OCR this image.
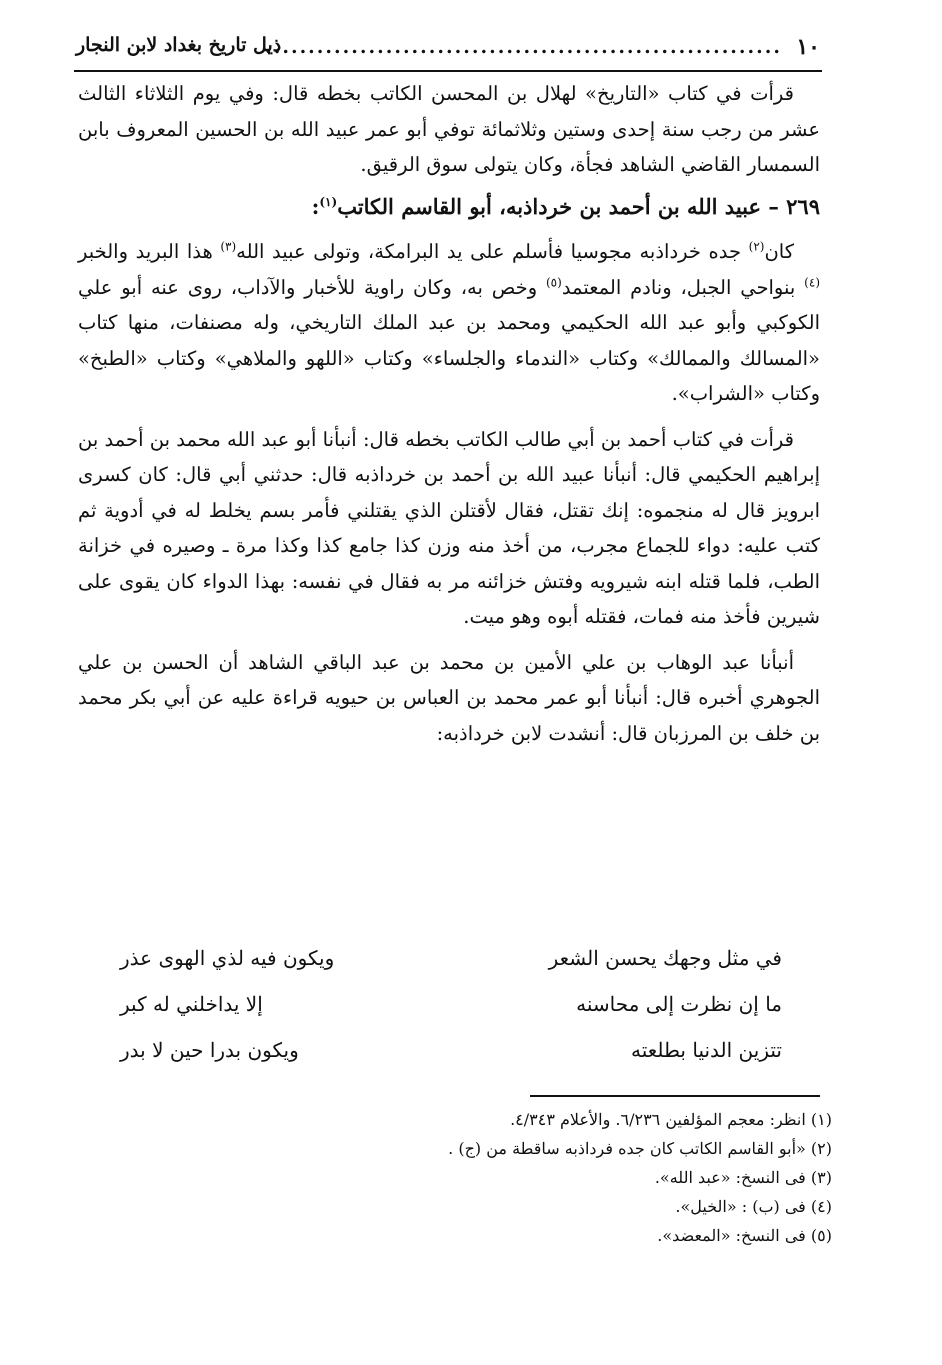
١٠
............................................................
ذيل تاريخ بغداد لابن النجار

قرأت في كتاب «التاريخ» لهلال بن المحسن الكاتب بخطه قال: وفي يوم الثلاثاء الثالث عشر من رجب سنة إحدى وستين وثلاثمائة توفي أبو عمر عبيد الله بن الحسين المعروف بابن السمسار القاضي الشاهد فجأة، وكان يتولى سوق الرقيق.

٢٦٩ – عبيد الله بن أحمد بن خرداذبه، أبو القاسم الكاتب$^{(١)}$:

كان$^{(٢)}$ جده خرداذبه مجوسيا فأسلم على يد البرامكة، وتولى عبيد الله$^{(٣)}$ هذا البريد والخبر $^{(٤)}$ بنواحي الجبل، ونادم المعتمد$^{(٥)}$ وخص به، وكان راوية للأخبار والآداب، روى عنه أبو علي الكوكبي وأبو عبد الله الحكيمي ومحمد بن عبد الملك التاريخي، وله مصنفات، منها كتاب «المسالك والممالك» وكتاب «الندماء والجلساء» وكتاب «اللهو والملاهي» وكتاب «الطبخ» وكتاب «الشراب».

قرأت في كتاب أحمد بن أبي طالب الكاتب بخطه قال: أنبأنا أبو عبد الله محمد بن أحمد بن إبراهيم الحكيمي قال: أنبأنا عبيد الله بن أحمد بن خرداذبه قال: حدثني أبي قال: كان كسرى ابرويز قال له منجموه: إنك تقتل، فقال لأقتلن الذي يقتلني فأمر بسم يخلط له في أدوية ثم كتب عليه: دواء للجماع مجرب، من أخذ منه وزن كذا جامع كذا وكذا مرة ـ وصيره في خزانة الطب، فلما قتله ابنه شيرويه وفتش خزائنه مر به فقال في نفسه: بهذا الدواء كان يقوى على شيرين فأخذ منه فمات، فقتله أبوه وهو ميت.

أنبأنا عبد الوهاب بن علي الأمين بن محمد بن عبد الباقي الشاهد أن الحسن بن علي الجوهري أخبره قال: أنبأنا أبو عمر محمد بن العباس بن حيويه قراءة عليه عن أبي بكر محمد بن خلف بن المرزبان قال: أنشدت لابن خرداذبه:

في مثل وجهك يحسن الشعر
ويكون فيه لذي الهوى عذر
ما إن نظرت إلى محاسنه
إلا يداخلني له كبر
تتزين الدنيا بطلعته
ويكون بدرا حين لا بدر
(١) انظر: معجم المؤلفين ٦/٢٣٦. والأعلام ٤/٣٤٣.
(٢) «أبو القاسم الكاتب كان جده فرداذبه ساقطة من (ج) .
(٣) فى النسخ: «عبد الله».
(٤) فى (ب) : «الخيل».
(٥) فى النسخ: «المعضد».
